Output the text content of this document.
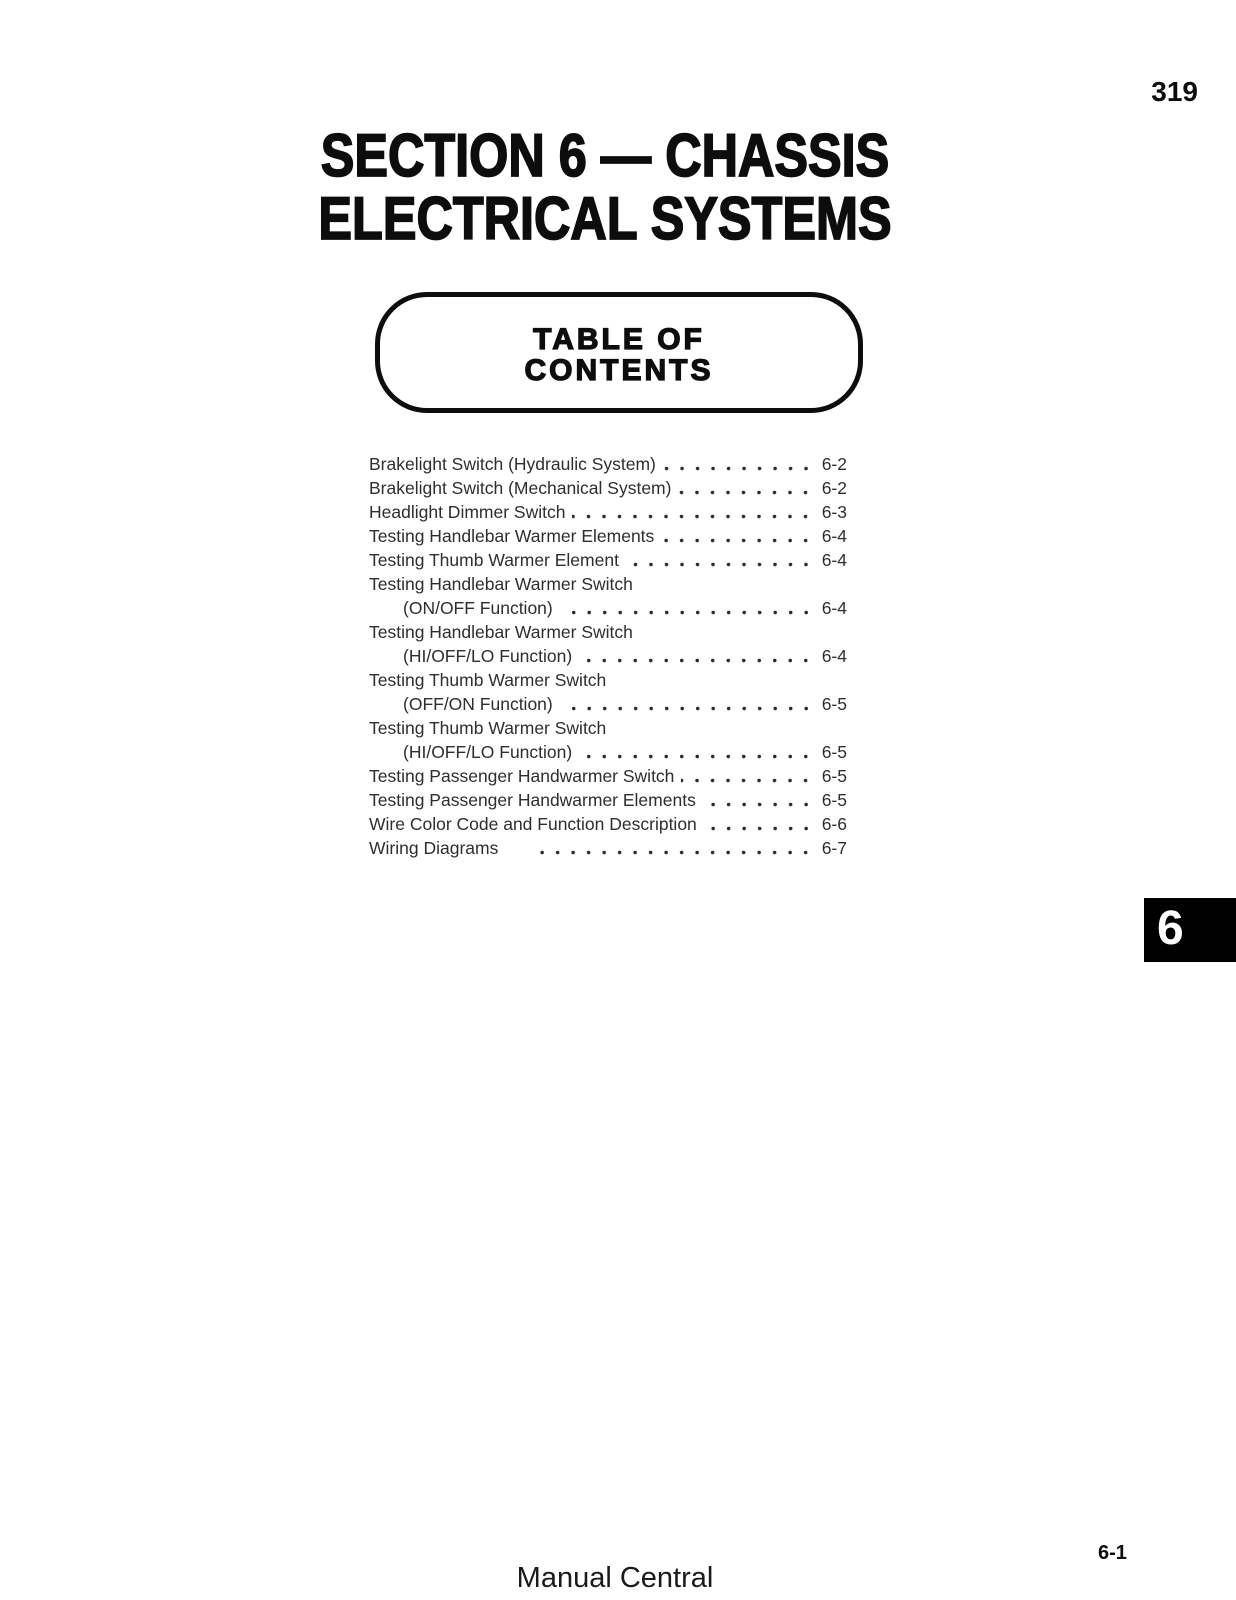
319
SECTION 6 — CHASSIS
ELECTRICAL SYSTEMS
TABLE OF
CONTENTS
Brakelight Switch (Hydraulic System)	6-2
Brakelight Switch (Mechanical System)	6-2
Headlight Dimmer Switch	6-3
Testing Handlebar Warmer Elements	6-4
Testing Thumb Warmer Element	6-4
Testing Handlebar Warmer Switch
(ON/OFF Function)	6-4
Testing Handlebar Warmer Switch
(HI/OFF/LO Function)	6-4
Testing Thumb Warmer Switch
(OFF/ON Function)	6-5
Testing Thumb Warmer Switch
(HI/OFF/LO Function)	6-5
Testing Passenger Handwarmer Switch	6-5
Testing Passenger Handwarmer Elements	6-5
Wire Color Code and Function Description	6-6
Wiring Diagrams	6-7
6
6-1
Manual Central
